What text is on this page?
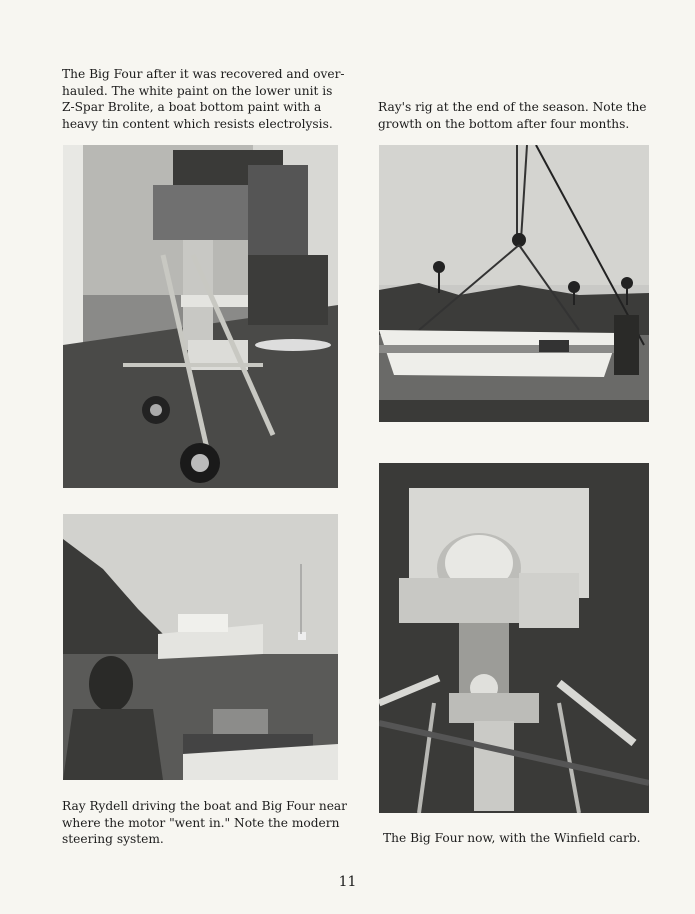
The Big Four after it was recovered and over-
hauled. The white paint on the lower unit is
Z-Spar Brolite, a boat bottom paint with a
heavy tin content which resists electrolysis.

Ray's rig at the end of the season. Note the
growth on the bottom after four months.

Ray Rydell driving the boat and Big Four near
where the motor "went in." Note the modern
steering system.	The Big Four now, with the Winfield carb.

11
